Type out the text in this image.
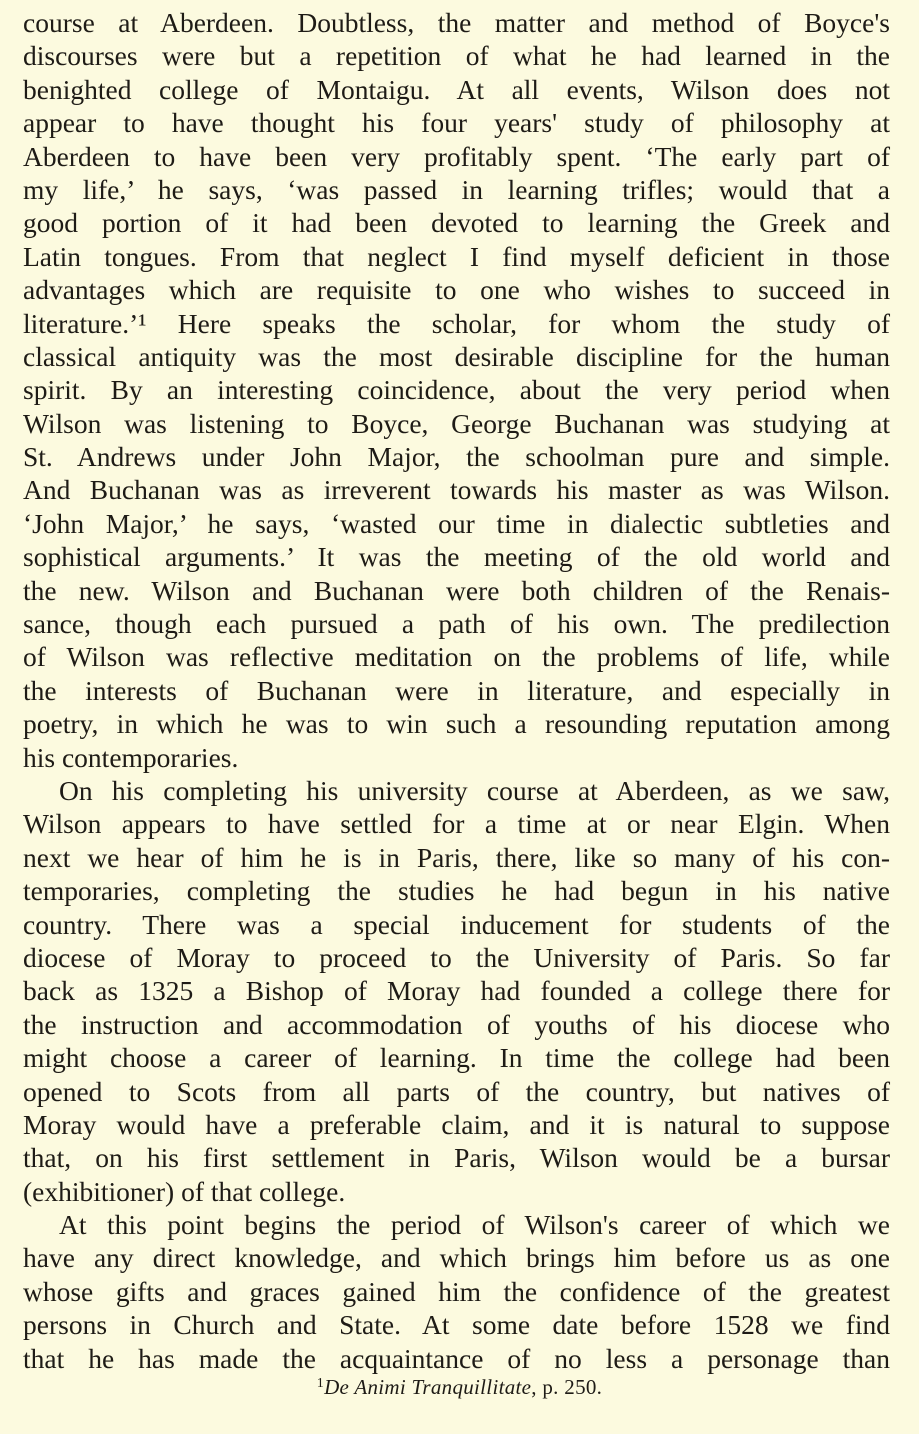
course at Aberdeen. Doubtless, the matter and method of Boyce's
discourses were but a repetition of what he had learned in the
benighted college of Montaigu. At all events, Wilson does not
appear to have thought his four years' study of philosophy at
Aberdeen to have been very profitably spent. ‘The early part of
my life,’ he says, ‘was passed in learning trifles; would that a
good portion of it had been devoted to learning the Greek and
Latin tongues. From that neglect I find myself deficient in those
advantages which are requisite to one who wishes to succeed in
literature.’¹ Here speaks the scholar, for whom the study of
classical antiquity was the most desirable discipline for the human
spirit. By an interesting coincidence, about the very period when
Wilson was listening to Boyce, George Buchanan was studying at
St. Andrews under John Major, the schoolman pure and simple.
And Buchanan was as irreverent towards his master as was Wilson.
‘John Major,’ he says, ‘wasted our time in dialectic subtleties and
sophistical arguments.’ It was the meeting of the old world and
the new. Wilson and Buchanan were both children of the Renais-
sance, though each pursued a path of his own. The predilection
of Wilson was reflective meditation on the problems of life, while
the interests of Buchanan were in literature, and especially in
poetry, in which he was to win such a resounding reputation among
his contemporaries.
On his completing his university course at Aberdeen, as we saw,
Wilson appears to have settled for a time at or near Elgin. When
next we hear of him he is in Paris, there, like so many of his con-
temporaries, completing the studies he had begun in his native
country. There was a special inducement for students of the
diocese of Moray to proceed to the University of Paris. So far
back as 1325 a Bishop of Moray had founded a college there for
the instruction and accommodation of youths of his diocese who
might choose a career of learning. In time the college had been
opened to Scots from all parts of the country, but natives of
Moray would have a preferable claim, and it is natural to suppose
that, on his first settlement in Paris, Wilson would be a bursar
(exhibitioner) of that college.
At this point begins the period of Wilson's career of which we
have any direct knowledge, and which brings him before us as one
whose gifts and graces gained him the confidence of the greatest
persons in Church and State. At some date before 1528 we find
that he has made the acquaintance of no less a personage than
$^1$De Animi Tranquillitate, p. 250.
